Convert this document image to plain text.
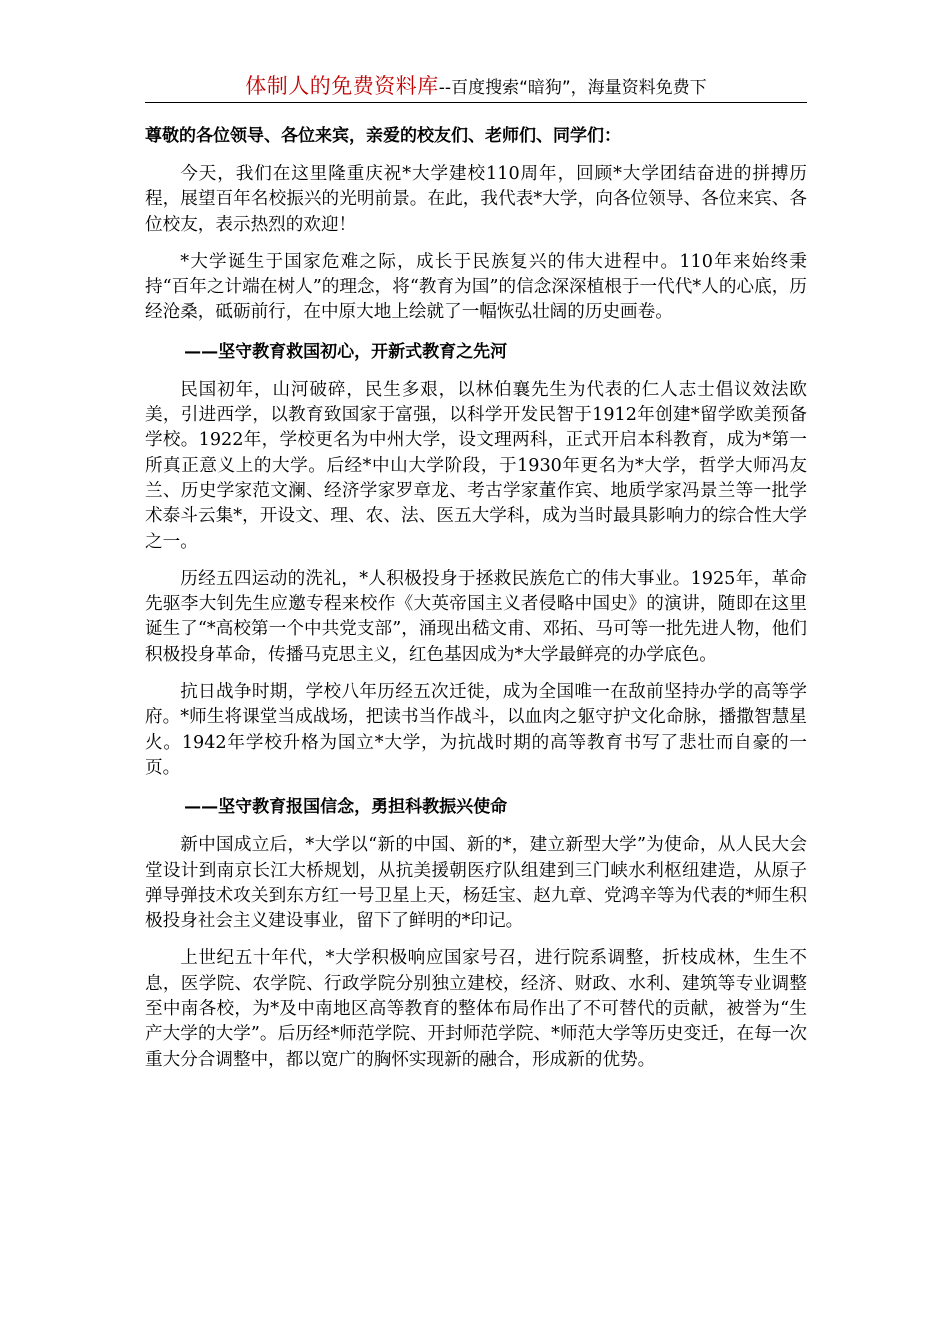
体制人的免费资料库--百度搜索“暗狗”，海量资料免费下

尊敬的各位领导、各位来宾，亲爱的校友们、老师们、同学们：

今天，我们在这里隆重庆祝*大学建校110周年，回顾*大学团结奋进的拼搏历程，展望百年名校振兴的光明前景。在此，我代表*大学，向各位领导、各位来宾、各位校友，表示热烈的欢迎！

*大学诞生于国家危难之际，成长于民族复兴的伟大进程中。110年来始终秉持“百年之计端在树人”的理念，将“教育为国”的信念深深植根于一代代*人的心底，历经沧桑，砥砺前行，在中原大地上绘就了一幅恢弘壮阔的历史画卷。

——坚守教育救国初心，开新式教育之先河

民国初年，山河破碎，民生多艰，以林伯襄先生为代表的仁人志士倡议效法欧美，引进西学，以教育致国家于富强，以科学开发民智于1912年创建*留学欧美预备学校。1922年，学校更名为中州大学，设文理两科，正式开启本科教育，成为*第一所真正意义上的大学。后经*中山大学阶段，于1930年更名为*大学，哲学大师冯友兰、历史学家范文澜、经济学家罗章龙、考古学家董作宾、地质学家冯景兰等一批学术泰斗云集*，开设文、理、农、法、医五大学科，成为当时最具影响力的综合性大学之一。

历经五四运动的洗礼，*人积极投身于拯救民族危亡的伟大事业。1925年，革命先驱李大钊先生应邀专程来校作《大英帝国主义者侵略中国史》的演讲，随即在这里诞生了“*高校第一个中共党支部”，涌现出嵇文甫、邓拓、马可等一批先进人物，他们积极投身革命，传播马克思主义，红色基因成为*大学最鲜亮的办学底色。

抗日战争时期，学校八年历经五次迁徙，成为全国唯一在敌前坚持办学的高等学府。*师生将课堂当成战场，把读书当作战斗，以血肉之躯守护文化命脉，播撒智慧星火。1942年学校升格为国立*大学，为抗战时期的高等教育书写了悲壮而自豪的一页。

——坚守教育报国信念，勇担科教振兴使命

新中国成立后，*大学以“新的中国、新的*，建立新型大学”为使命，从人民大会堂设计到南京长江大桥规划，从抗美援朝医疗队组建到三门峡水利枢纽建造，从原子弹导弹技术攻关到东方红一号卫星上天，杨廷宝、赵九章、党鸿辛等为代表的*师生积极投身社会主义建设事业，留下了鲜明的*印记。

上世纪五十年代，*大学积极响应国家号召，进行院系调整，折枝成林，生生不息，医学院、农学院、行政学院分别独立建校，经济、财政、水利、建筑等专业调整至中南各校，为*及中南地区高等教育的整体布局作出了不可替代的贡献，被誉为“生产大学的大学”。后历经*师范学院、开封师范学院、*师范大学等历史变迁，在每一次重大分合调整中，都以宽广的胸怀实现新的融合，形成新的优势。
